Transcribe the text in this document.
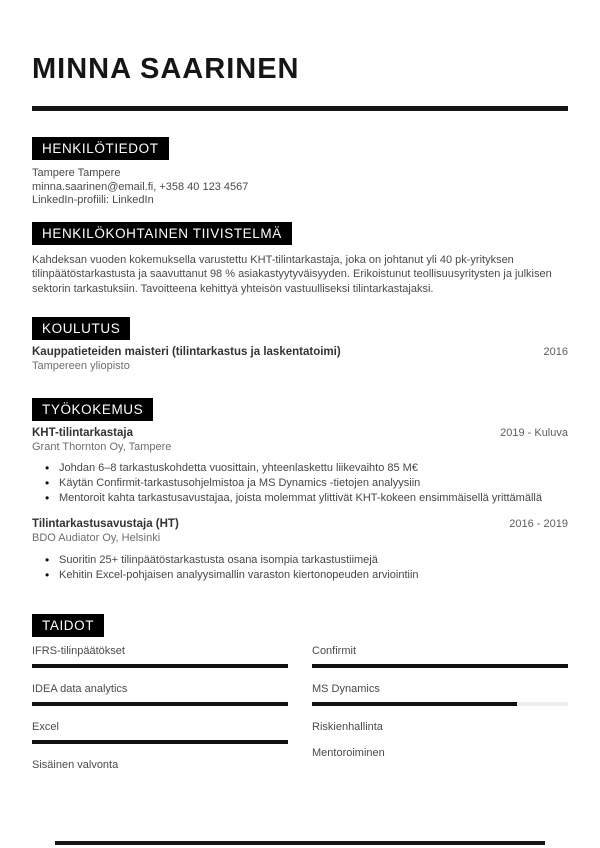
MINNA SAARINEN
HENKILÖTIEDOT
Tampere Tampere
minna.saarinen@email.fi, +358 40 123 4567
LinkedIn-profiili: LinkedIn
HENKILÖKOHTAINEN TIIVISTELMÄ

Kahdeksan vuoden kokemuksella varustettu KHT-tilintarkastaja, joka on johtanut yli 40 pk-yrityksen tilinpäätöstarkastusta ja saavuttanut 98 % asiakastyytyväisyyden. Erikoistunut teollisuusyritysten ja julkisen sektorin tarkastuksiin. Tavoitteena kehittyä yhteisön vastuulliseksi tilintarkastajaksi.

KOULUTUS
Kauppatieteiden maisteri (tilintarkastus ja laskentatoimi)
Tampereen yliopisto
2016
TYÖKOKEMUS
KHT-tilintarkastaja
Grant Thornton Oy, Tampere
2019 - Kuluva
• Johdan 6–8 tarkastuskohdetta vuosittain, yhteenlaskettu liikevaihto 85 M€
• Käytän Confirmit-tarkastusohjelmistoa ja MS Dynamics -tietojen analyysiin
• Mentoroit kahta tarkastusavustajaa, joista molemmat ylittivät KHT-kokeen ensimmäisellä yrittämällä
Tilintarkastusavustaja (HT)
BDO Audiator Oy, Helsinki
2016 - 2019
• Suoritin 25+ tilinpäätöstarkastusta osana isompia tarkastustiimejä
• Kehitin Excel-pohjaisen analyysimallin varaston kiertonopeuden arviointiin
TAIDOT
IFRS-tilinpäätökset
IDEA data analytics
Excel
Sisäinen valvonta
Confirmit
MS Dynamics
Riskienhallinta
Mentoroiminen
